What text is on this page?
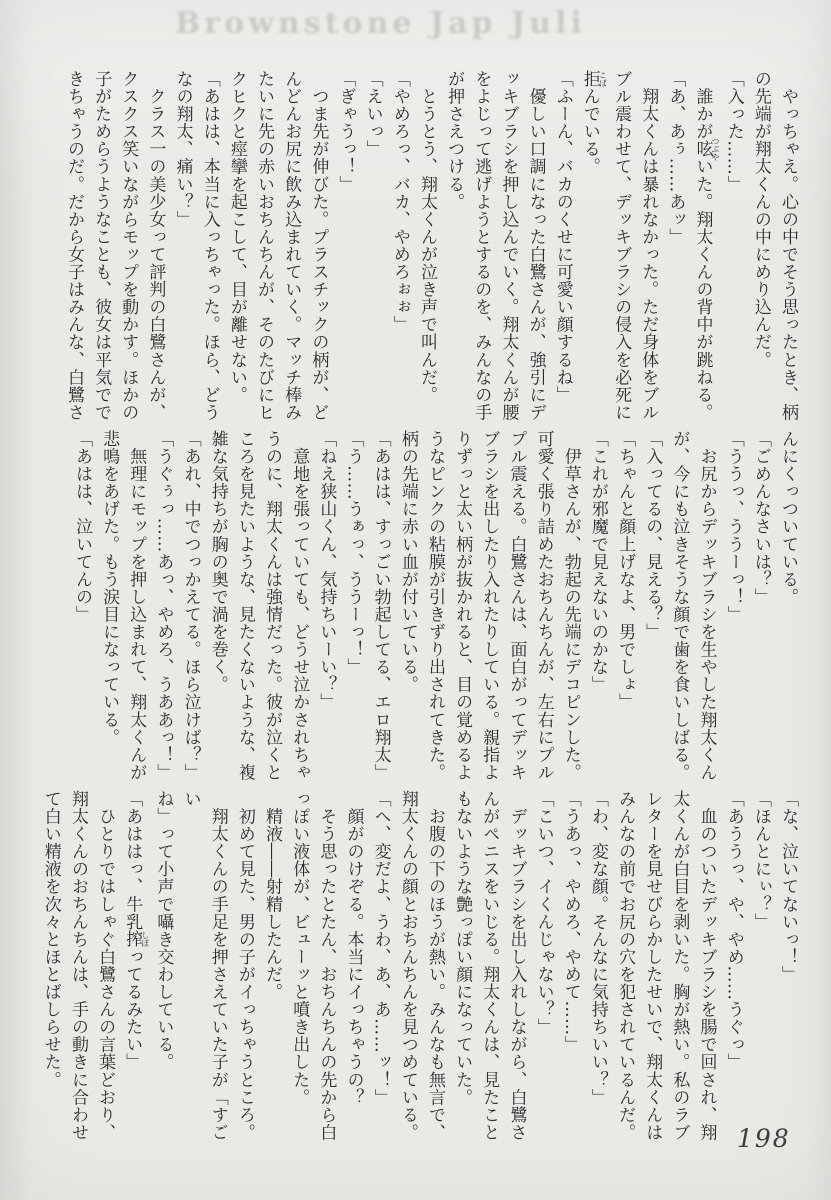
Brownstone Jap Juli

　やっちゃえ。心の中でそう思ったとき、柄

の先端が翔太くんの中にめり込んだ。

「入った……」

　誰かが呟つぶやいた。翔太くんの背中が跳ねる。

「あ、あぅ……あッ」

　翔太くんは暴れなかった。ただ身体をブル

ブル震わせて、デッキブラシの侵入を必死に

拒こばんでいる。

「ふーん、バカのくせに可愛い顔するね」

　優しい口調になった白鷺さんが、強引にデ

ッキブラシを押し込んでいく。翔太くんが腰

をよじって逃げようとするのを、みんなの手

が押さえつける。

　とうとう、翔太くんが泣き声で叫んだ。

「やめろっ、バカ、やめろぉぉ」

「えいっ」

「ぎゃうっ！」

　つま先が伸びた。プラスチックの柄が、ど

んどんお尻に飲み込まれていく。マッチ棒み

たいに先の赤いおちんちんが、そのたびにヒ

クヒクと痙攣を起こして、目が離せない。

「あはは、本当に入っちゃった。ほら、どう

なの翔太、痛い？」

　クラス一の美少女って評判の白鷺さんが、

クスクス笑いながらモップを動かす。ほかの

子がためらうようなことも、彼女は平気でで

きちゃうのだ。だから女子はみんな、白鷺さ

んにくっついている。

「ごめんなさいは？」

「ううっ、ううーっ！」

　お尻からデッキブラシを生やした翔太くん

が、今にも泣きそうな顔で歯を食いしばる。

「入ってるの、見える？」

「ちゃんと顔上げなよ、男でしょ」

「これが邪魔で見えないのかな」

　伊草さんが、勃起の先端にデコピンした。

可愛く張り詰めたおちんちんが、左右にプル

プル震える。白鷺さんは、面白がってデッキ

ブラシを出したり入れたりしている。親指よ

りずっと太い柄が抜かれると、目の覚めるよ

うなピンクの粘膜が引きずり出されてきた。

柄の先端に赤い血が付いている。

「あはは、すっごい勃起してる、エロ翔太」

「う……うぁっ、ううーっ！」

「ねえ狭山くん、気持ちいーい？」

　意地を張っていても、どうせ泣かされちゃ

うのに、翔太くんは強情だった。彼が泣くと

ころを見たいような、見たくないような、複

雑な気持ちが胸の奥で渦を巻く。

「あれ、中でつっかえてる。ほら泣けば？」

「うぐぅっ……あっ、やめろ、うああっ！」

　無理にモップを押し込まれて、翔太くんが

悲鳴をあげた。もう涙目になっている。

「あはは、泣いてんの」

「な、泣いてないっ！」

「ほんとにぃ？」

「あううっ、や、やめ……うぐっ」

　血のついたデッキブラシを腸で回され、翔

太くんが白目を剥いた。胸が熱い。私のラブ

レターを見せびらかしたせいで、翔太くんは

みんなの前でお尻の穴を犯されているんだ。

「わ、変な顔。そんなに気持ちいい？」

「うあっ、やめろ、やめて……」

「こいつ、イくんじゃない？」

　デッキブラシを出し入れしながら、白鷺さ

んがペニスをいじる。翔太くんは、見たこと

もないような艶っぽい顔になっていた。

　お腹の下のほうが熱い。みんなも無言で、

翔太くんの顔とおちんちんを見つめている。

「へ、変だよ、うわ、あ、あ……ッ！」

　顔がのけぞる。本当にイっちゃうの？

　そう思ったとたん、おちんちんの先から白

っぽい液体が、ビューッと噴き出した。

　精液――射精したんだ。

　初めて見た、男の子がイっちゃうところ。

　翔太くんの手足を押さえていた子が「すごい

ね」って小声で囁き交わしている。

「あははっ、牛乳搾しぼってるみたい」

　ひとりではしゃぐ白鷺さんの言葉どおり、

翔太くんのおちんちんは、手の動きに合わせ

て白い精液を次々とほとばしらせた。

198
